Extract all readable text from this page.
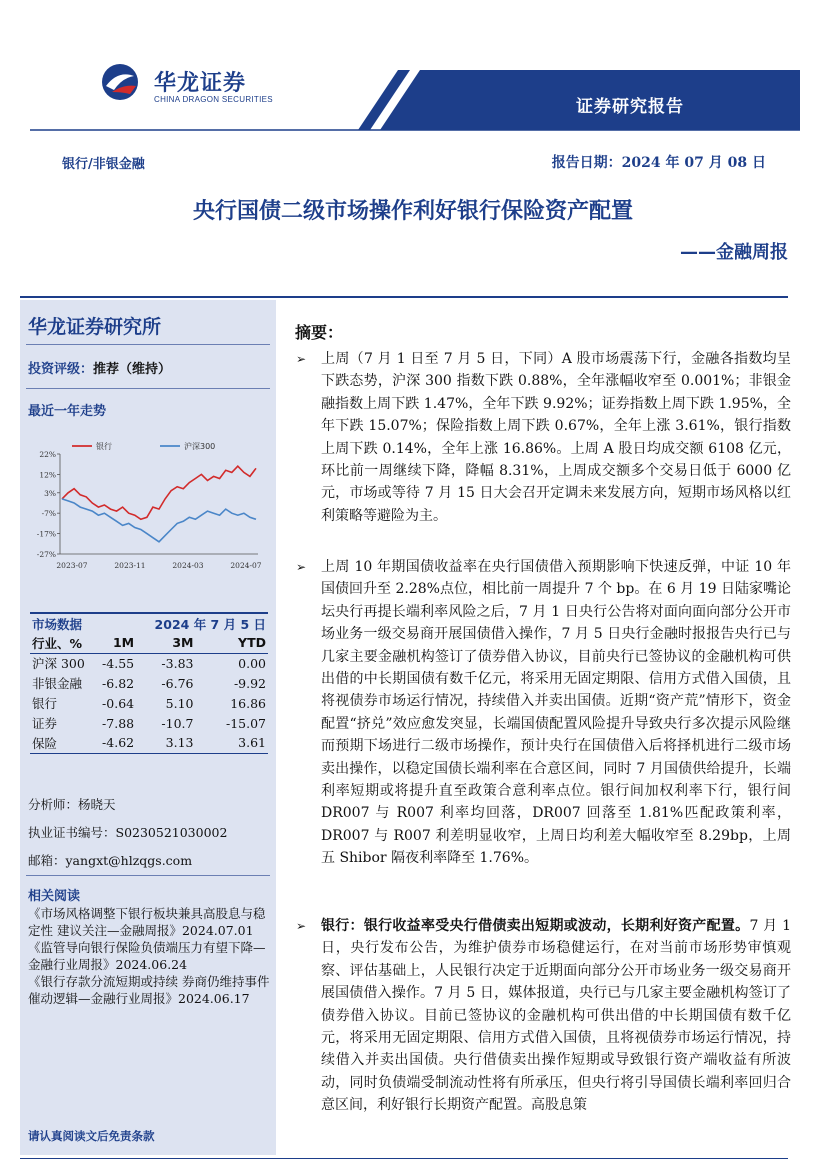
华龙证券
CHINA DRAGON SECURITIES	证券研究报告
银行/非银金融	报告日期：2024 年 07 月 08 日
央行国债二级市场操作利好银行保险资产配置
——金融周报
华龙证券研究所
投资评级：推荐（维持）
最近一年走势
22%
12%
3%
-7%
-17%
-27%
2023-07	2023-11	2024-03	2024-07
银行	沪深300
市场数据		2024 年 7 月 5 日	
行业、%	1M	3M	YTD
沪深 300	-4.55	-3.83	0.00
非银金融	-6.82	-6.76	-9.92
银行	-0.64	5.10	16.86
证券	-7.88	-10.7	-15.07
保险	-4.62	3.13	3.61
分析师：杨晓天
执业证书编号：S0230521030002
邮箱：yangxt@hlzqgs.com
相关阅读
《市场风格调整下银行板块兼具高股息与稳定性 建议关注—金融周报》2024.07.01
《监管导向银行保险负债端压力有望下降—金融行业周报》2024.06.24
《银行存款分流短期或持续 券商仍维持事件催动逻辑—金融行业周报》2024.06.17
请认真阅读文后免责条款
摘要：
➢ 上周（7 月 1 日至 7 月 5 日，下同）A 股市场震荡下行，金融各指数均呈下跌态势，沪深 300 指数下跌 0.88%，全年涨幅收窄至 0.001%；非银金融指数上周下跌 1.47%，全年下跌 9.92%；证券指数上周下跌 1.95%，全年下跌 15.07%；保险指数上周下跌 0.67%，全年上涨 3.61%，银行指数上周下跌 0.14%，全年上涨 16.86%。上周 A 股日均成交额 6108 亿元，环比前一周继续下降，降幅 8.31%，上周成交额多个交易日低于 6000 亿元，市场或等待 7 月 15 日大会召开定调未来发展方向，短期市场风格以红利策略等避险为主。
➢ 上周 10 年期国债收益率在央行国债借入预期影响下快速反弹，中证 10 年国债回升至 2.28%点位，相比前一周提升 7 个 bp。在 6 月 19 日陆家嘴论坛央行再提长端利率风险之后，7 月 1 日央行公告将对面向面向部分公开市场业务一级交易商开展国债借入操作，7 月 5 日央行金融时报报告央行已与几家主要金融机构签订了债券借入协议，目前央行已签协议的金融机构可供出借的中长期国债有数千亿元，将采用无固定期限、信用方式借入国债，且将视债券市场运行情况，持续借入并卖出国债。近期“资产荒”情形下，资金配置“挤兑”效应愈发突显，长端国债配置风险提升导致央行多次提示风险继而预期下场进行二级市场操作，预计央行在国债借入后将择机进行二级市场卖出操作，以稳定国债长端利率在合意区间，同时 7 月国债供给提升，长端利率短期或将提升直至政策合意利率点位。银行间加权利率下行，银行间 DR007 与 R007 利率均回落，DR007 回落至 1.81%匹配政策利率，DR007 与 R007 利差明显收窄，上周日均利差大幅收窄至 8.29bp，上周五 Shibor 隔夜利率降至 1.76%。
➢ 银行：银行收益率受央行借债卖出短期或波动，长期利好资产配置。7 月 1 日，央行发布公告，为维护债券市场稳健运行，在对当前市场形势审慎观察、评估基础上，人民银行决定于近期面向部分公开市场业务一级交易商开展国债借入操作。7 月 5 日，媒体报道，央行已与几家主要金融机构签订了债券借入协议。目前已签协议的金融机构可供出借的中长期国债有数千亿元，将采用无固定期限、信用方式借入国债，且将视债券市场运行情况，持续借入并卖出国债。央行借债卖出操作短期或导致银行资产端收益有所波动，同时负债端受制流动性将有所承压，但央行将引导国债长端利率回归合意区间，利好银行长期资产配置。高股息策
